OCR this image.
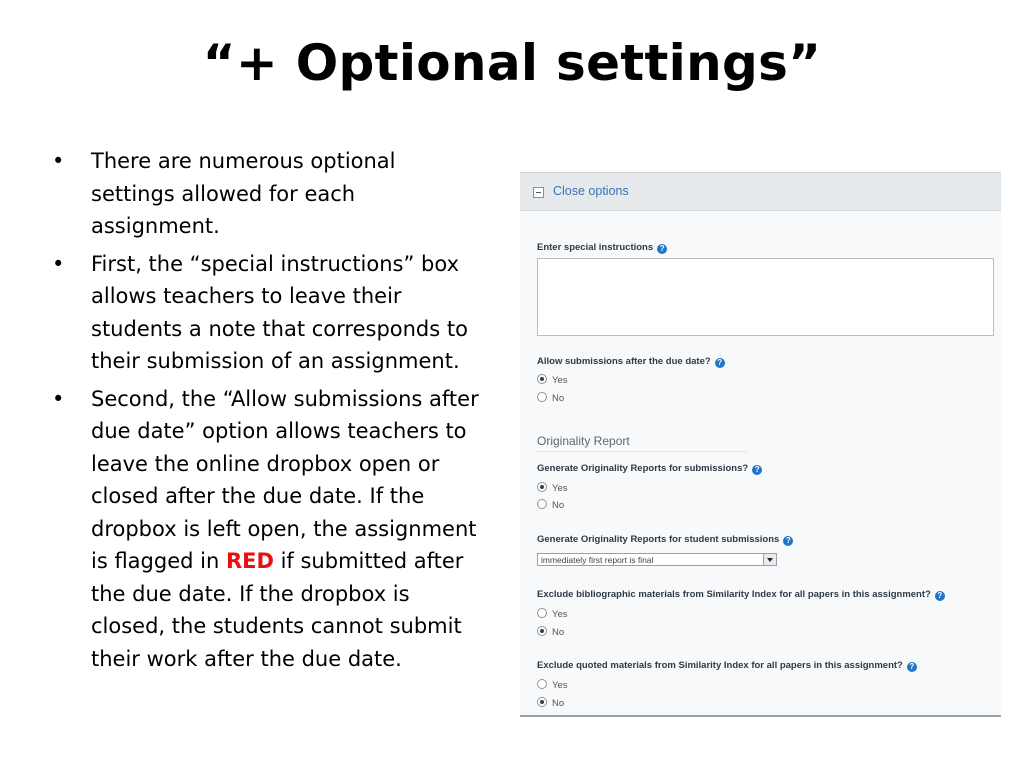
“+ Optional settings”
• There are numerous optional settings allowed for each assignment.
• First, the “special instructions” box allows teachers to leave their students a note that corresponds to their submission of an assignment.
• Second, the “Allow submissions after due date” option allows teachers to leave the online dropbox open or closed after the due date. If the dropbox is left open, the assignment is flagged in RED if submitted after the due date. If the dropbox is closed, the students cannot submit their work after the due date.
Close options
Enter special instructions ?
Allow submissions after the due date? ?
Yes
No
Originality Report
Generate Originality Reports for submissions? ?
Yes
No
Generate Originality Reports for student submissions ?
immediately first report is final
Exclude bibliographic materials from Similarity Index for all papers in this assignment? ?
Yes
No
Exclude quoted materials from Similarity Index for all papers in this assignment? ?
Yes
No
